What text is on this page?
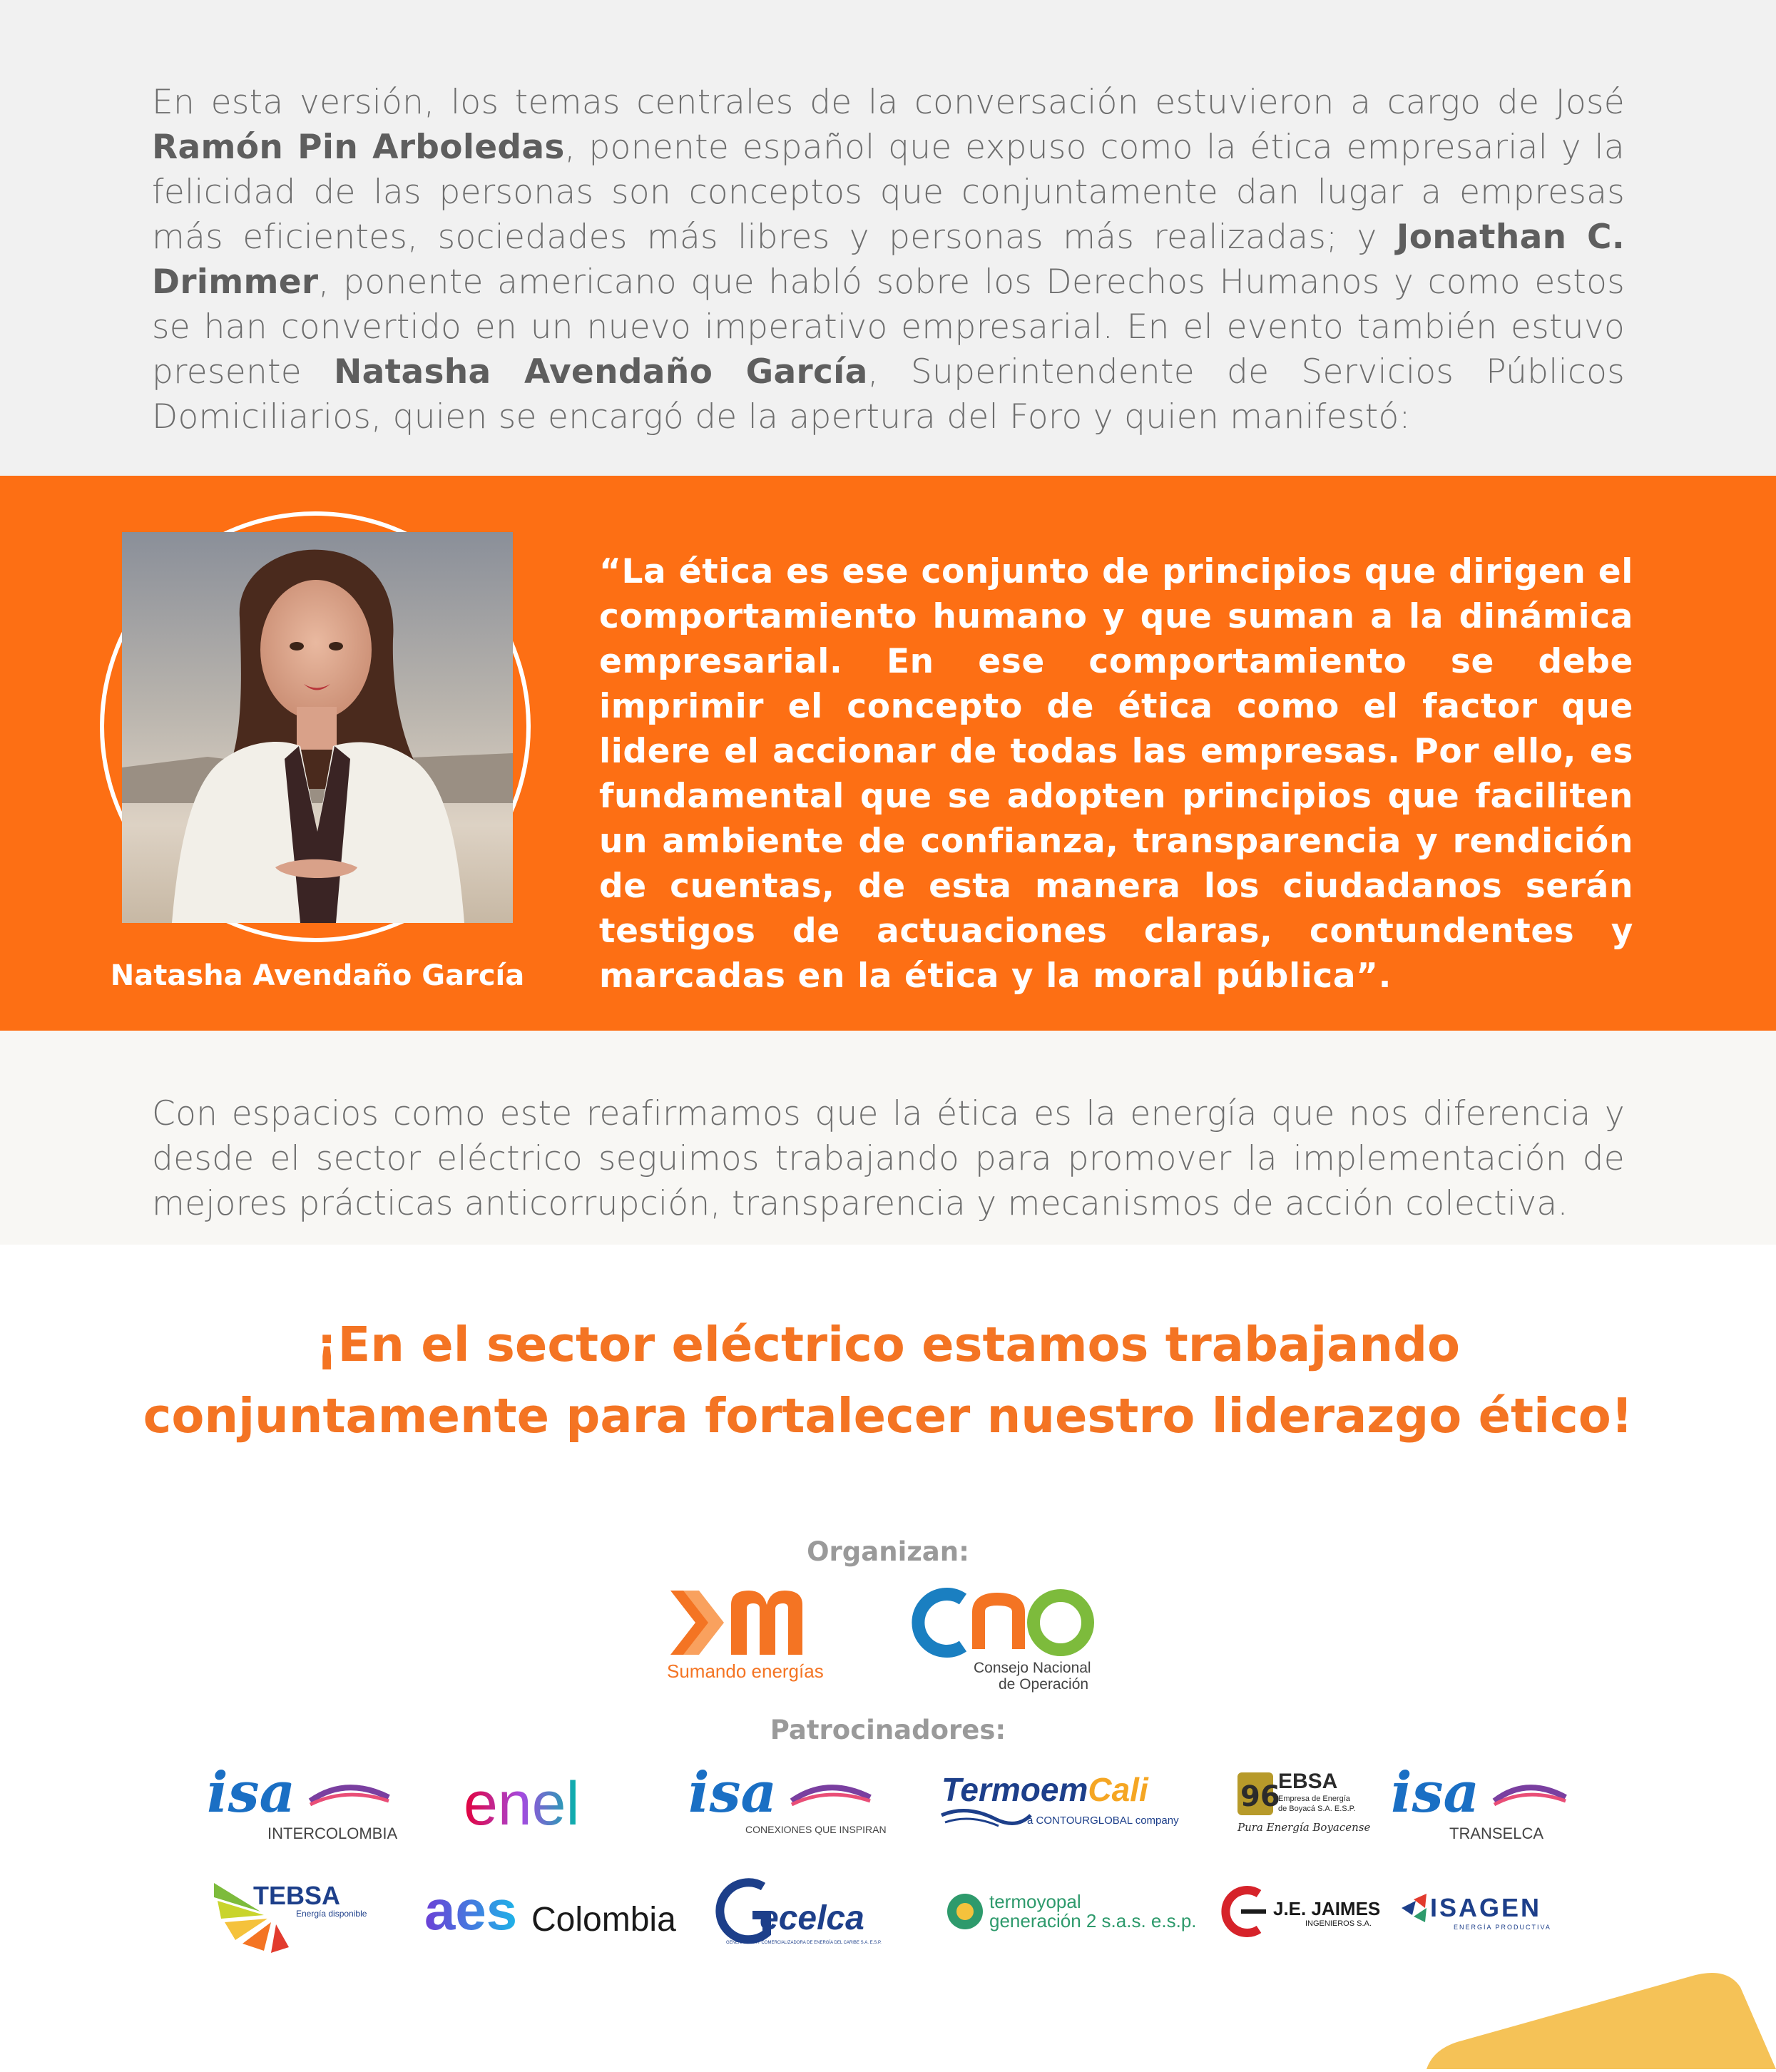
En esta versión, los temas centrales de la conversación estuvieron a cargo de José Ramón Pin Arboledas, ponente español que expuso como la ética empresarial y la felicidad de las personas son conceptos que conjuntamente dan lugar a empresas más eficientes, sociedades más libres y personas más realizadas; y Jonathan C. Drimmer, ponente americano que habló sobre los Derechos Humanos y como estos se han convertido en un nuevo imperativo empresarial. En el evento también estuvo presente Natasha Avendaño García, Superintendente de Servicios Públicos Domiciliarios, quien se encargó de la apertura del Foro y quien manifestó:

Natasha Avendaño García
“La ética es ese conjunto de principios que dirigen el comportamiento humano y que suman a la dinámica empresarial. En ese comportamiento se debe imprimir el concepto de ética como el factor que lidere el accionar de todas las empresas. Por ello, es fundamental que se adopten principios que faciliten un ambiente de confianza, transparencia y rendición de cuentas, de esta manera los ciudadanos serán testigos de actuaciones claras, contundentes y marcadas en la ética y la moral pública”.

Con espacios como este reafirmamos que la ética es la energía que nos diferencia y desde el sector eléctrico seguimos trabajando para promover la implementación de mejores prácticas anticorrupción, transparencia y mecanismos de acción colectiva.

¡En el sector eléctrico estamos trabajando
conjuntamente para fortalecer nuestro liderazgo ético!
Organizan:
Sumando energías	Consejo Nacional
de Operación
Patrocinadores:
isa
INTERCOLOMBIA enel isa
CONEXIONES QUE INSPIRAN
TermoemCali
a CONTOURGLOBAL company
96
EBSA
Empresa de Energía
de Boyacá S.A. E.S.P.
Pura Energía Boyacense
isa
TRANSELCA
TEBSA
Energía disponible aes Colombia ecelca
GENERADORA Y COMERCIALIZADORA DE ENERGÍA DEL CARIBE S.A. E.S.P.
termoyopal
generación 2 s.a.s. e.s.p.
J.E. JAIMES
INGENIEROS S.A.
ISAGEN
ENERGÍA PRODUCTIVA
